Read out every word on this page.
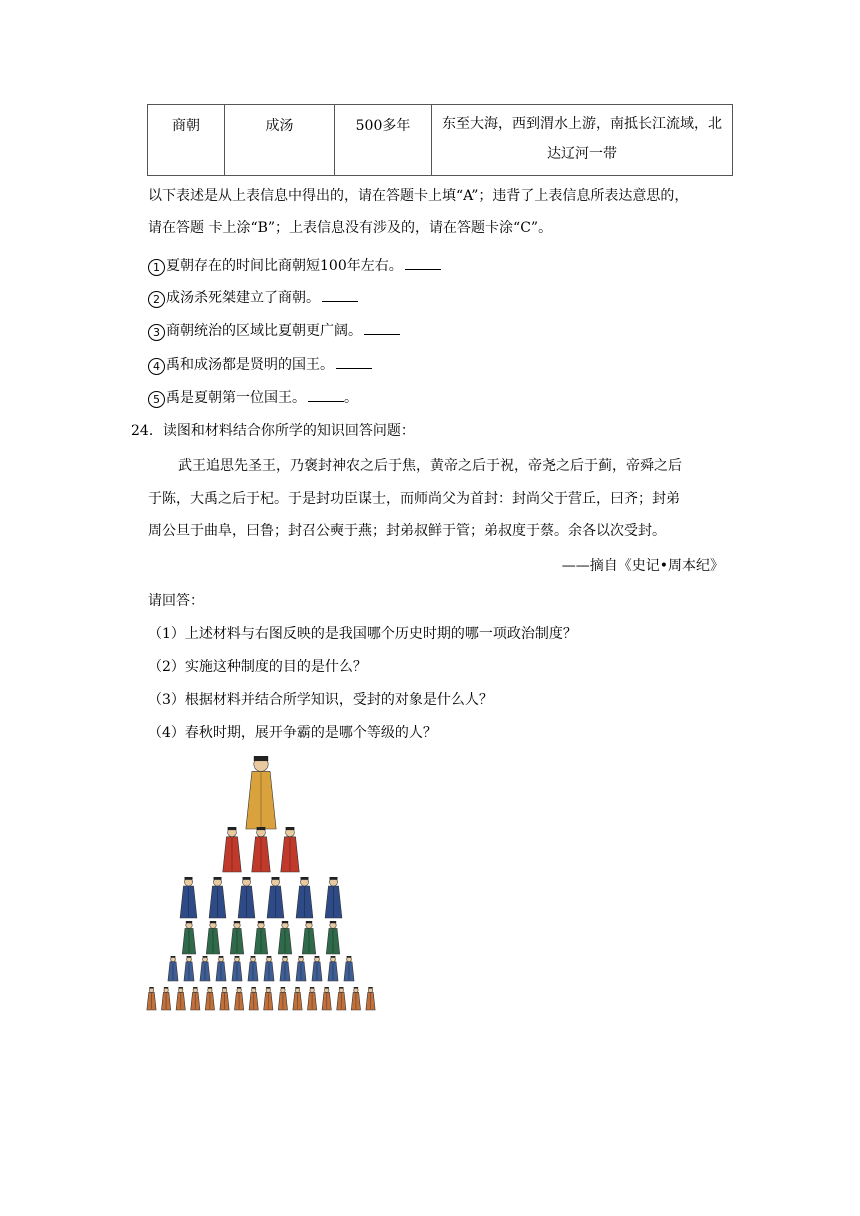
商朝	成汤	500多年	东至大海，西到渭水上游，南抵长江流域，北
达辽河一带
以下表述是从上表信息中得出的，请在答题卡上填“A”；违背了上表信息所表达意思的，
请在答题 卡上涂“B”；上表信息没有涉及的，请在答题卡涂“C”。
1 夏朝存在的时间比商朝短100年左右。
2 成汤杀死桀建立了商朝。
3 商朝统治的区域比夏朝更广阔。
4 禹和成汤都是贤明的国王。
5 禹是夏朝第一位国王。	。
24．读图和材料结合你所学的知识回答问题：
武王追思先圣王，乃褒封神农之后于焦，黄帝之后于祝，帝尧之后于蓟，帝舜之后
于陈，大禹之后于杞。于是封功臣谋士，而师尚父为首封：封尚父于营丘，曰齐；封弟
周公旦于曲阜，曰鲁；封召公奭于燕；封弟叔鲜于管；弟叔度于蔡。余各以次受封。
——摘自《史记•周本纪》
请回答：
（1）上述材料与右图反映的是我国哪个历史时期的哪一项政治制度？
（2）实施这种制度的目的是什么？
（3）根据材料并结合所学知识，受封的对象是什么人？
（4）春秋时期，展开争霸的是哪个等级的人？
